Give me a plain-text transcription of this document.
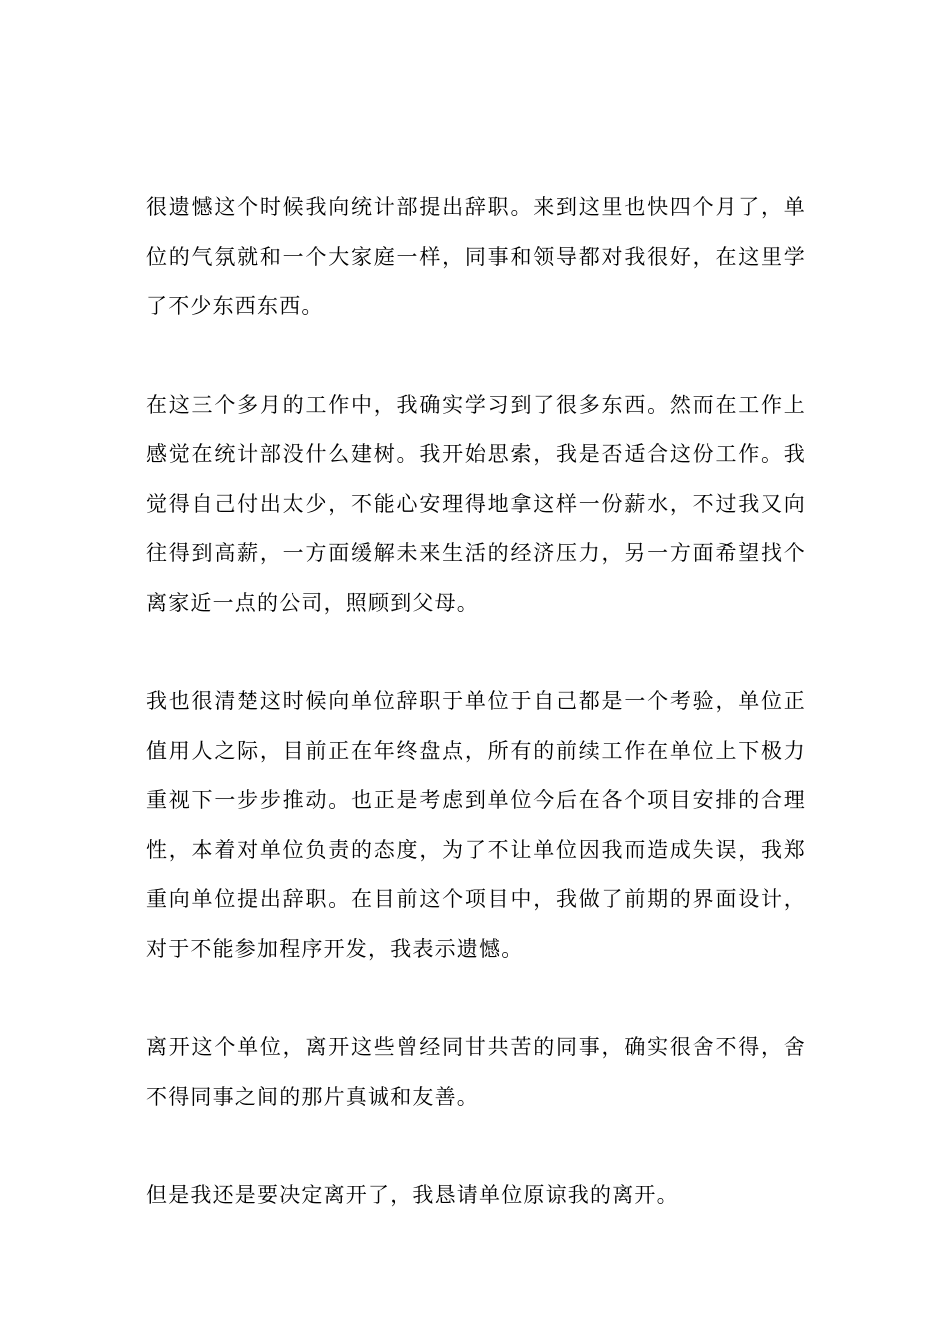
很遗憾这个时候我向统计部提出辞职。来到这里也快四个月了，单位的气氛就和一个大家庭一样，同事和领导都对我很好，在这里学了不少东西东西。

在这三个多月的工作中，我确实学习到了很多东西。然而在工作上感觉在统计部没什么建树。我开始思索，我是否适合这份工作。我觉得自己付出太少，不能心安理得地拿这样一份薪水，不过我又向往得到高薪，一方面缓解未来生活的经济压力，另一方面希望找个离家近一点的公司，照顾到父母。

我也很清楚这时候向单位辞职于单位于自己都是一个考验，单位正值用人之际，目前正在年终盘点，所有的前续工作在单位上下极力重视下一步步推动。也正是考虑到单位今后在各个项目安排的合理性，本着对单位负责的态度，为了不让单位因我而造成失误，我郑重向单位提出辞职。在目前这个项目中，我做了前期的界面设计，对于不能参加程序开发，我表示遗憾。

离开这个单位，离开这些曾经同甘共苦的同事，确实很舍不得，舍不得同事之间的那片真诚和友善。

但是我还是要决定离开了，我恳请单位原谅我的离开。
